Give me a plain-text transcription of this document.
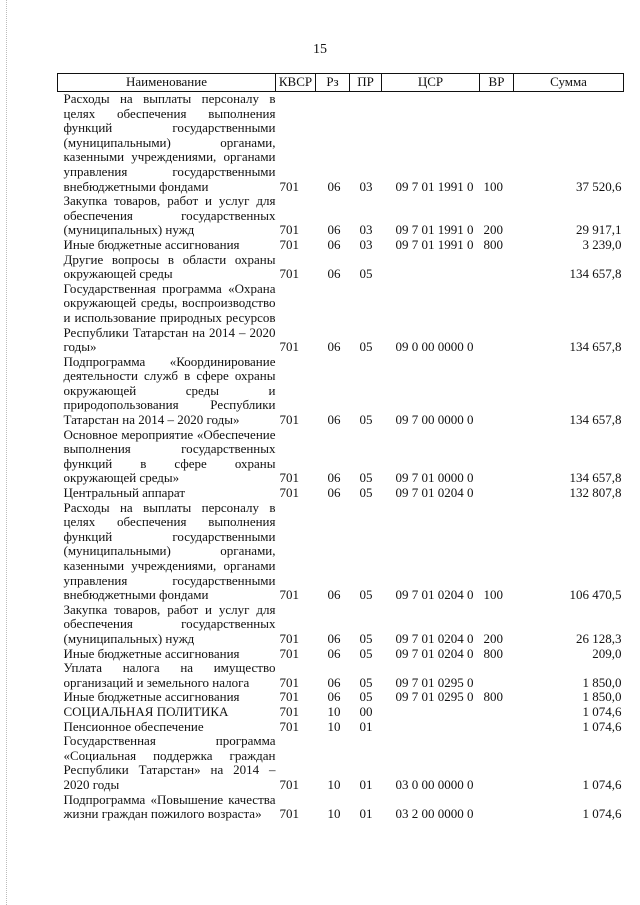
15
Наименование	КВСР	Рз	ПР	ЦСР	ВР	Сумма
Расходы на выплаты персоналу в целях обеспечения выполнения функций государственными (муниципальными) органами, казенными учреждениями, органами управления государственными внебюджетными фондами	701	06	03	09 7 01 1991 0	100	37 520,6
Закупка товаров, работ и услуг для обеспечения государственных (муниципальных) нужд	701	06	03	09 7 01 1991 0	200	29 917,1
Иные бюджетные ассигнования	701	06	03	09 7 01 1991 0	800	3 239,0
Другие вопросы в области охраны окружающей среды	701	06	05			134 657,8
Государственная программа «Охрана окружающей среды, воспроизводство и использование природных ресурсов Республики Татарстан на 2014 – 2020 годы»	701	06	05	09 0 00 0000 0		134 657,8
Подпрограмма «Координирование деятельности служб в сфере охраны окружающей среды и природопользования Республики Татарстан на 2014 – 2020 годы»	701	06	05	09 7 00 0000 0		134 657,8
Основное мероприятие «Обеспечение выполнения государственных функций в сфере охраны окружающей среды»	701	06	05	09 7 01 0000 0		134 657,8
Центральный аппарат	701	06	05	09 7 01 0204 0		132 807,8
Расходы на выплаты персоналу в целях обеспечения выполнения функций государственными (муниципальными) органами, казенными учреждениями, органами управления государственными внебюджетными фондами	701	06	05	09 7 01 0204 0	100	106 470,5
Закупка товаров, работ и услуг для обеспечения государственных (муниципальных) нужд	701	06	05	09 7 01 0204 0	200	26 128,3
Иные бюджетные ассигнования	701	06	05	09 7 01 0204 0	800	209,0
Уплата налога на имущество организаций и земельного налога	701	06	05	09 7 01 0295 0		1 850,0
Иные бюджетные ассигнования	701	06	05	09 7 01 0295 0	800	1 850,0
СОЦИАЛЬНАЯ ПОЛИТИКА	701	10	00			1 074,6
Пенсионное обеспечение	701	10	01			1 074,6
Государственная программа «Социальная поддержка граждан Республики Татарстан» на 2014 – 2020 годы	701	10	01	03 0 00 0000 0		1 074,6
Подпрограмма «Повышение качества жизни граждан пожилого возраста»	701	10	01	03 2 00 0000 0		1 074,6
